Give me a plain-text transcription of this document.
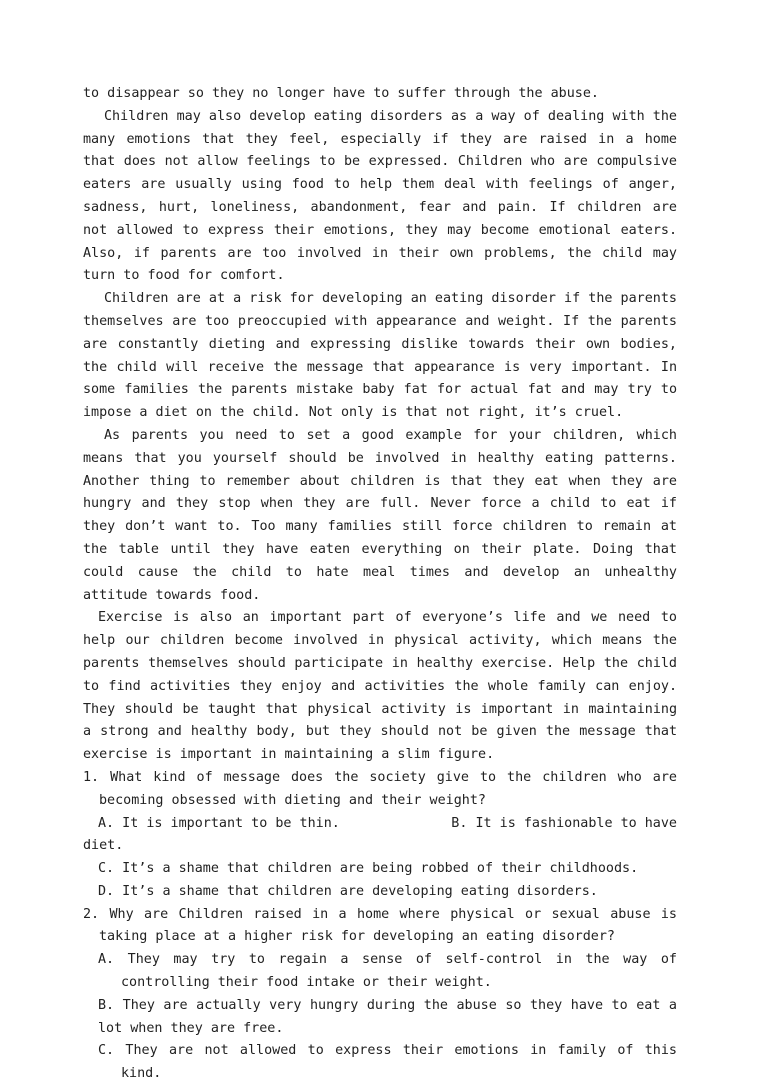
to disappear so they no longer have to suffer through the abuse.

Children may also develop eating disorders as a way of dealing with the many emotions that they feel, especially if they are raised in a home that does not allow feelings to be expressed. Children who are compulsive eaters are usually using food to help them deal with feelings of anger, sadness, hurt, loneliness, abandonment, fear and pain. If children are not allowed to express their emotions, they may become emotional eaters. Also, if parents are too involved in their own problems, the child may turn to food for comfort.

Children are at a risk for developing an eating disorder if the parents themselves are too preoccupied with appearance and weight. If the parents are constantly dieting and expressing dislike towards their own bodies, the child will receive the message that appearance is very important. In some families the parents mistake baby fat for actual fat and may try to impose a diet on the child. Not only is that not right, it’s cruel.

As parents you need to set a good example for your children, which means that you yourself should be involved in healthy eating patterns. Another thing to remember about children is that they eat when they are hungry and they stop when they are full. Never force a child to eat if they don’t want to. Too many families still force children to remain at the table until they have eaten everything on their plate. Doing that could cause the child to hate meal times and develop an unhealthy attitude towards food.

Exercise is also an important part of everyone’s life and we need to help our children become involved in physical activity, which means the parents themselves should participate in healthy exercise. Help the child to find activities they enjoy and activities the whole family can enjoy. They should be taught that physical activity is important in maintaining a strong and healthy body, but they should not be given the message that exercise is important in maintaining a slim figure.

1. What kind of message does the society give to the children who are becoming obsessed with dieting and their weight?

A. It is important to be thin.	B. It is fashionable to have

diet.

C. It’s a shame that children are being robbed of their childhoods.

D. It’s a shame that children are developing eating disorders.

2. Why are Children raised in a home where physical or sexual abuse is taking place at a higher risk for developing an eating disorder?

A. They may try to regain a sense of self-control in the way of controlling their food intake or their weight.

B. They are actually very hungry during the abuse so they have to eat a lot when they are free.

C. They are not allowed to express their emotions in family of this kind.
